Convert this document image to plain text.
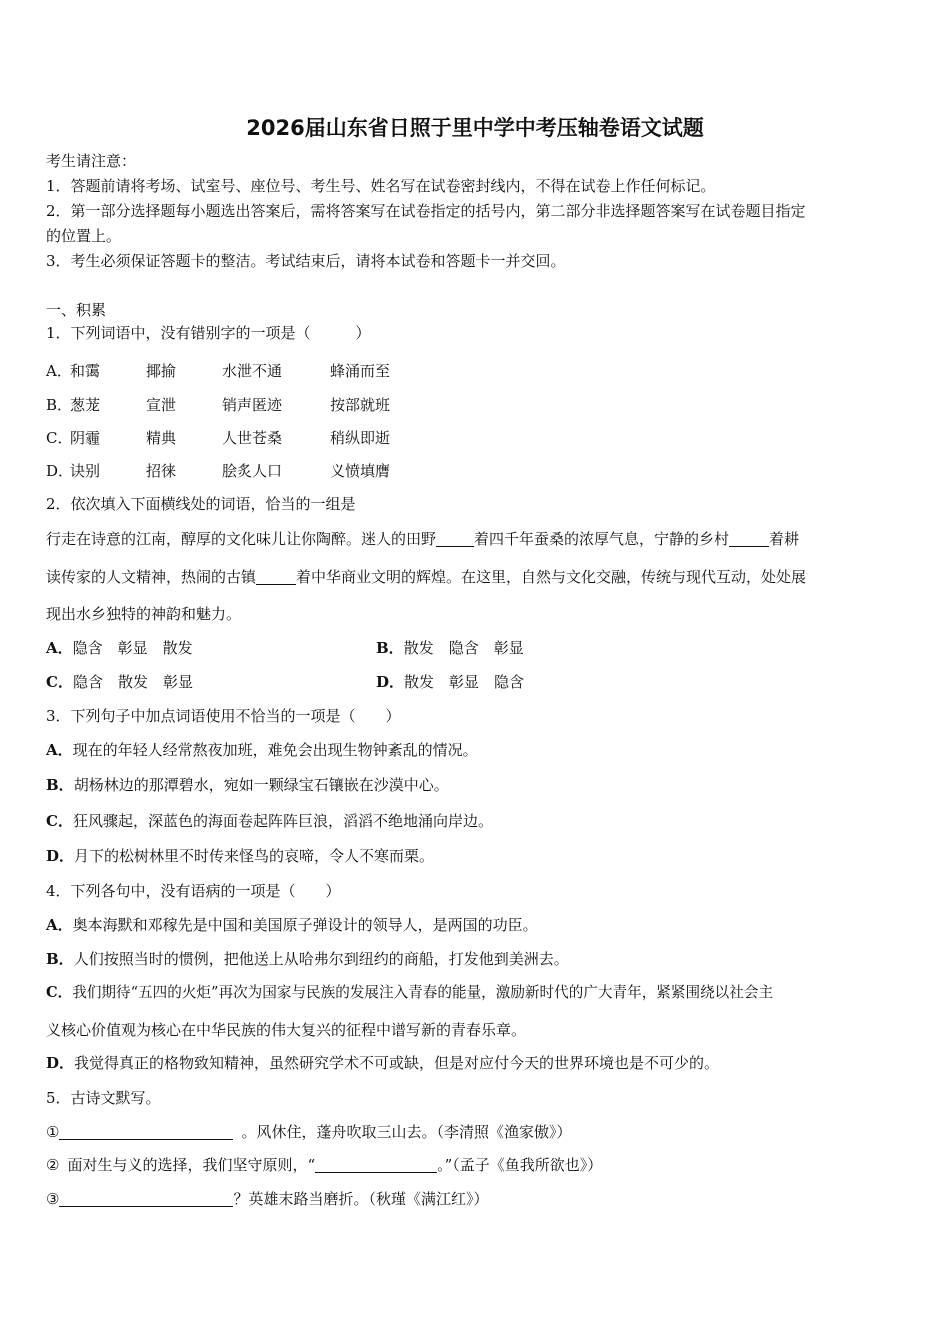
2026届山东省日照于里中学中考压轴卷语文试题
考生请注意：
1．答题前请将考场、试室号、座位号、考生号、姓名写在试卷密封线内，不得在试卷上作任何标记。
2．第一部分选择题每小题选出答案后，需将答案写在试卷指定的括号内，第二部分非选择题答案写在试卷题目指定
的位置上。
3．考生必须保证答题卡的整洁。考试结束后，请将本试卷和答题卡一并交回。
一、积累
1．下列词语中，没有错别字的一项是（　　　）
A．和霭	揶揄	水泄不通	蜂涌而至
B．葱茏	宣泄	销声匿迹	按部就班
C．阴霾	精典	人世苍桑	稍纵即逝
D．诀别	招徕	脍炙人口	义愤填膺
2．依次填入下面横线处的词语，恰当的一组是
行走在诗意的江南，醇厚的文化味儿让你陶醉。迷人的田野	着四千年蚕桑的浓厚气息，宁静的乡村	着耕
读传家的人文精神，热闹的古镇	着中华商业文明的辉煌。在这里，自然与文化交融，传统与现代互动，处处展
现出水乡独特的神韵和魅力。
A．隐含　彰显　散发	B．散发　隐含　彰显
C．隐含　散发　彰显	D．散发　彰显　隐含
3．下列句子中加点词语使用不恰当的一项是（　　）
A．现在的年轻人经常熬夜加班，难免会出现生物钟紊乱的情况。
B．胡杨林边的那潭碧水，宛如一颗绿宝石镶嵌在沙漠中心。
C．狂风骤起，深蓝色的海面卷起阵阵巨浪，滔滔不绝地涌向岸边。
D．月下的松树林里不时传来怪鸟的哀啼，令人不寒而栗。
4．下列各句中，没有语病的一项是（　　）
A．奥本海默和邓稼先是中国和美国原子弹设计的领导人，是两国的功臣。
B．人们按照当时的惯例，把他送上从哈弗尔到纽约的商船，打发他到美洲去。
C．我们期待“五四的火炬”再次为国家与民族的发展注入青春的能量，激励新时代的广大青年，紧紧围绕以社会主
义核心价值观为核心在中华民族的伟大复兴的征程中谱写新的青春乐章。
D．我觉得真正的格物致知精神，虽然研究学术不可或缺，但是对应付今天的世界环境也是不可少的。
5．古诗文默写。
①	。风休住，蓬舟吹取三山去。（李清照《渔家傲》）
② 面对生与义的选择，我们坚守原则，“	。”（孟子《鱼我所欲也》）
③	？英雄末路当磨折。（秋瑾《满江红》）
